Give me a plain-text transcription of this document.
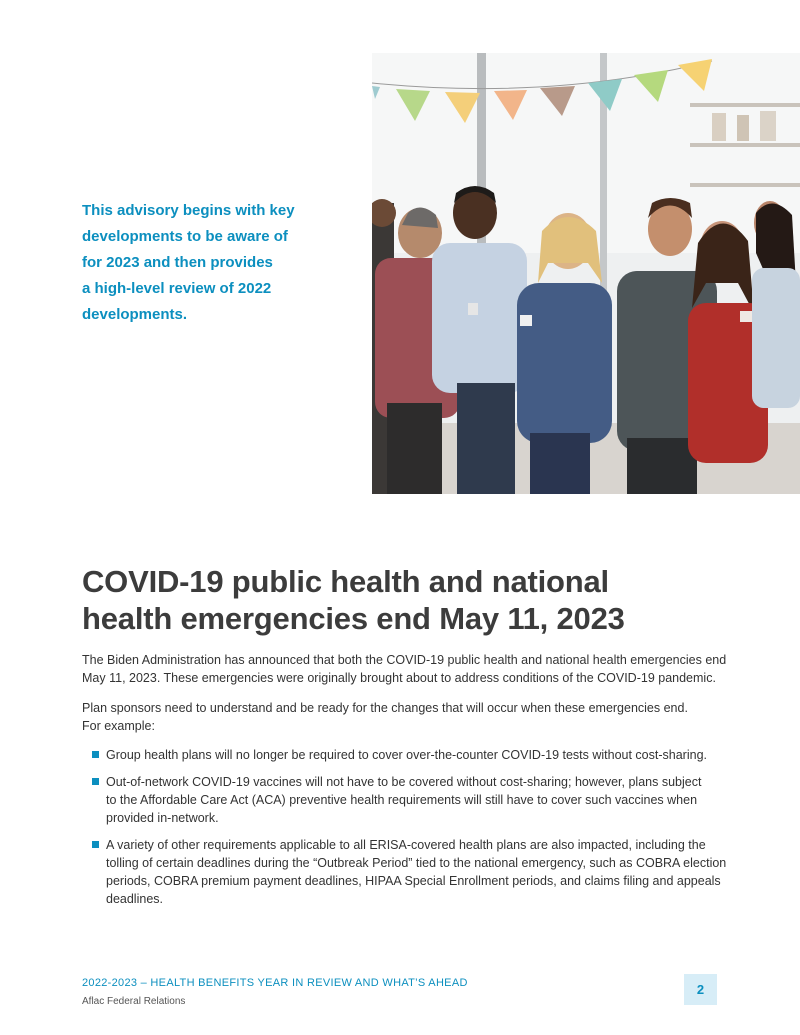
This advisory begins with key
developments to be aware of
for 2023 and then provides
a high-level review of 2022
developments.
COVID-19 public health and national
health emergencies end May 11, 2023
The Biden Administration has announced that both the COVID-19 public health and national health emergencies end
May 11, 2023. These emergencies were originally brought about to address conditions of the COVID-19 pandemic.
Plan sponsors need to understand and be ready for the changes that will occur when these emergencies end.
For example:
Group health plans will no longer be required to cover over-the-counter COVID-19 tests without cost-sharing.
Out-of-network COVID-19 vaccines will not have to be covered without cost-sharing; however, plans subject
to the Affordable Care Act (ACA) preventive health requirements will still have to cover such vaccines when
provided in-network.
A variety of other requirements applicable to all ERISA-covered health plans are also impacted, including the
tolling of certain deadlines during the “Outbreak Period” tied to the national emergency, such as COBRA election
periods, COBRA premium payment deadlines, HIPAA Special Enrollment periods, and claims filing and appeals
deadlines.
2022-2023 – HEALTH BENEFITS YEAR IN REVIEW AND WHAT’S AHEAD
Aflac Federal Relations
2
